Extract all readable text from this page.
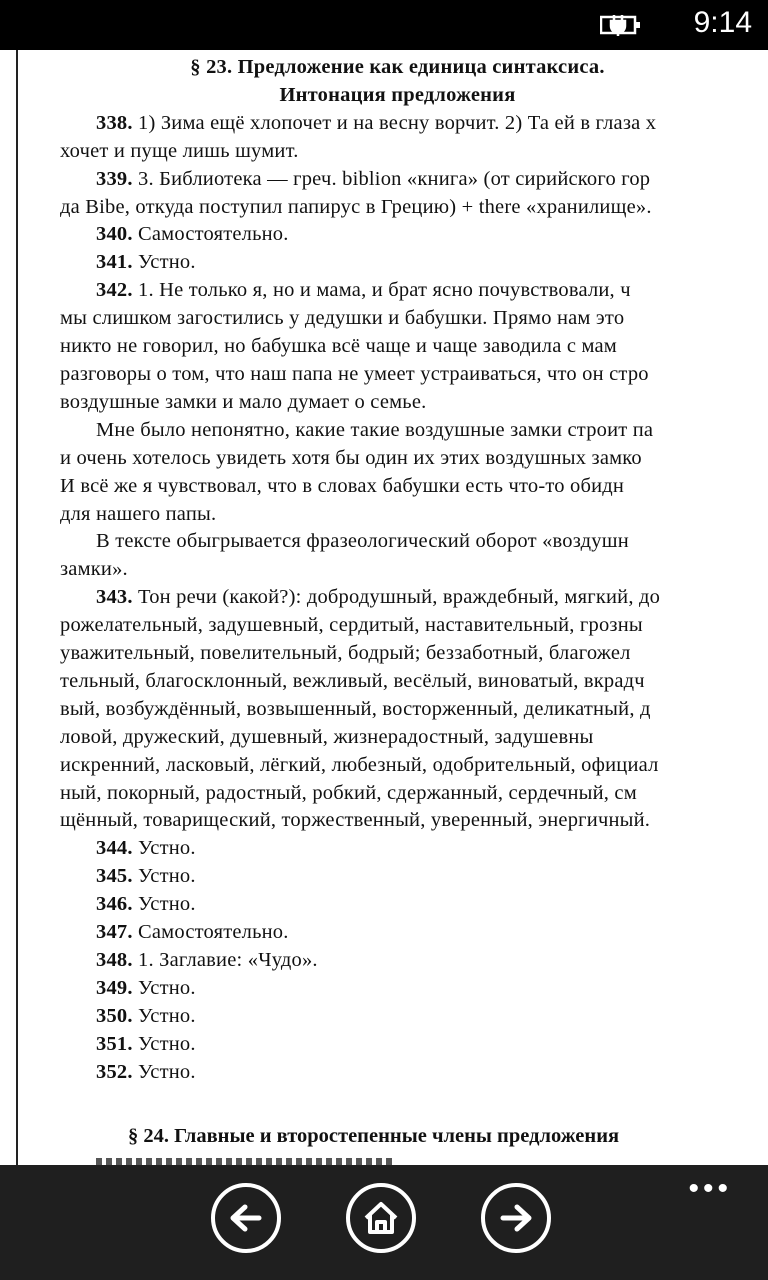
9:14
§ 23. Предложение как единица синтаксиса.
Интонация предложения
338. 1) Зима ещё хлопочет и на весну ворчит. 2) Та ей в глаза х
хочет и пуще лишь шумит.
339. 3. Библиотека — греч. biblion «книга» (от сирийского гор
да Bibe, откуда поступил папирус в Грецию) + there «хранилище».
340. Самостоятельно.
341. Устно.
342. 1. Не только я, но и мама, и брат ясно почувствовали, ч
мы слишком загостились у дедушки и бабушки. Прямо нам это
никто не говорил, но бабушка всё чаще и чаще заводила с мам
разговоры о том, что наш папа не умеет устраиваться, что он стро
воздушные замки и мало думает о семье.
Мне было непонятно, какие такие воздушные замки строит па
и очень хотелось увидеть хотя бы один их этих воздушных замко
И всё же я чувствовал, что в словах бабушки есть что-то обидн
для нашего папы.
В тексте обыгрывается фразеологический оборот «воздушн
замки».
343. Тон речи (какой?): добродушный, враждебный, мягкий, до
рожелательный, задушевный, сердитый, наставительный, грозны
уважительный, повелительный, бодрый; беззаботный, благожел
тельный, благосклонный, вежливый, весёлый, виноватый, вкрадч
вый, возбуждённый, возвышенный, восторженный, деликатный, д
ловой, дружеский, душевный, жизнерадостный, задушевны
искренний, ласковый, лёгкий, любезный, одобрительный, официал
ный, покорный, радостный, робкий, сдержанный, сердечный, см
щённый, товарищеский, торжественный, уверенный, энергичный.
344. Устно.
345. Устно.
346. Устно.
347. Самостоятельно.
348. 1. Заглавие: «Чудо».
349. Устно.
350. Устно.
351. Устно.
352. Устно.
§ 24. Главные и второстепенные члены предложения
•••
